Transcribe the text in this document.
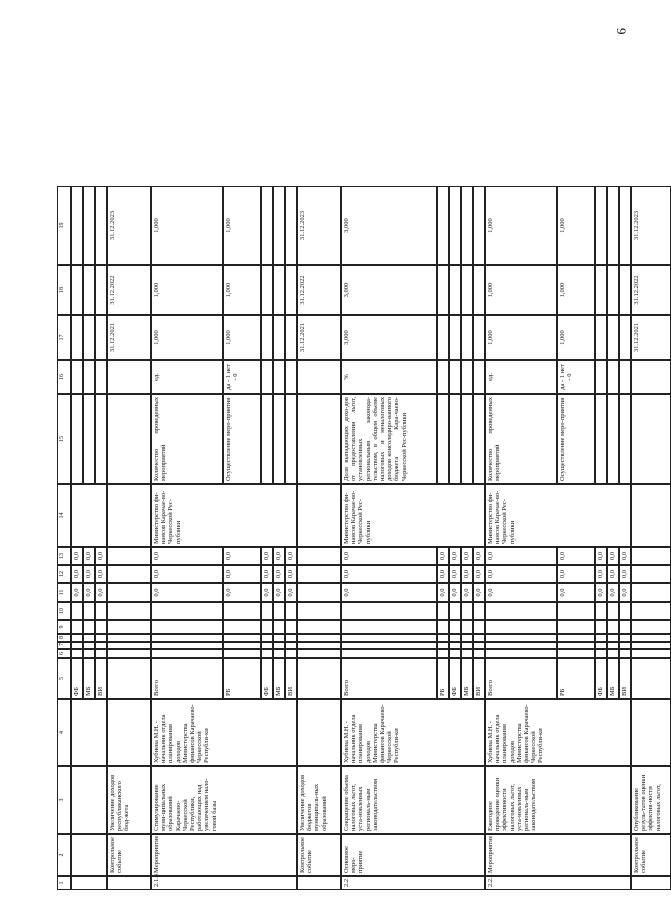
9
1
2
3
4
5
6
7
8
9
10
11
12
13
14
15
16
17
18
19
ФБ
0,0
0,0
0,0
МБ
0,0
0,0
0,0
ВИ
0,0
0,0
0,0
Контрольное событие
Увеличение доходов республиканского бюд-жета
31.12.2021
31.12.2022
31.12.2023
2.1.3
Мероприятие
Стимулирование муни-ципальных образований Карачаево-Черкесской Республики, работающих над увеличением нало-говой базы
Хубиева М.Н. - начальник отдела планирования доходов Министерства финансов Карачаево-Черкесской Республи-ки
Всего
0,0
0,0
0,0
Министерство фи-нансов Карачае-во-Черкесской Рес-публики
Количество проведенных мероприятий
ед.
1,000
1,000
1,000
РБ
0,0
0,0
0,0
Осуществление меро-приятия
да - 1 нет - 0
1,000
1,000
1,000
ФБ
0,0
0,0
0,0
МБ
0,0
0,0
0,0
ВИ
0,0
0,0
0,0
Контрольное событие
Увеличение доходов бюджетов муниципаль-ных образований
31.12.2021
31.12.2022
31.12.2023
2.2
Основное меро-приятие
Сокращение объема налоговых льгот, уста-новленных региональ-ным законодательством
Хубиева М.Н. - начальник отдела планирования доходов Министерства финансов Карачаево-Черкесской Республи-ки
Всего
0,0
0,0
0,0
Министерство фи-нансов Карачае-во-Черкесской Рес-публики
Доля выпадающих дохо-дов от предоставления льгот, установленных региональным законода-тельством, в общем объеме налоговых и неналоговых доходов консолидиро-ванного бюджета Кара-чаево-Черкесской Рес-публики
%
3,000
3,000
3,000
РБ
0,0
0,0
0,0
ФБ
0,0
0,0
0,0
МБ
0,0
0,0
0,0
ВИ
0,0
0,0
0,0
2.2.1
Мероприятие
Ежегодное проведение оценки эффективности налоговых льгот, уста-новленных региональ-ным законодательством
Хубиева М.Н. - начальник отдела планирования доходов Министерства финансов Карачаево-Черкесской Республи-ки
Всего
0,0
0,0
0,0
Министерство фи-нансов Карачае-во-Черкесской Рес-публики
Количество проведенных мероприятий
ед.
1,000
1,000
1,000
РБ
0,0
0,0
0,0
Осуществление меро-приятия
да - 1 нет - 0
1,000
1,000
1,000
ФБ
0,0
0,0
0,0
МБ
0,0
0,0
0,0
ВИ
0,0
0,0
0,0
Контрольное событие
Опубликование резуль-татов оценки эффектив-ности налоговых льгот,
31.12.2021
31.12.2022
31.12.2023
